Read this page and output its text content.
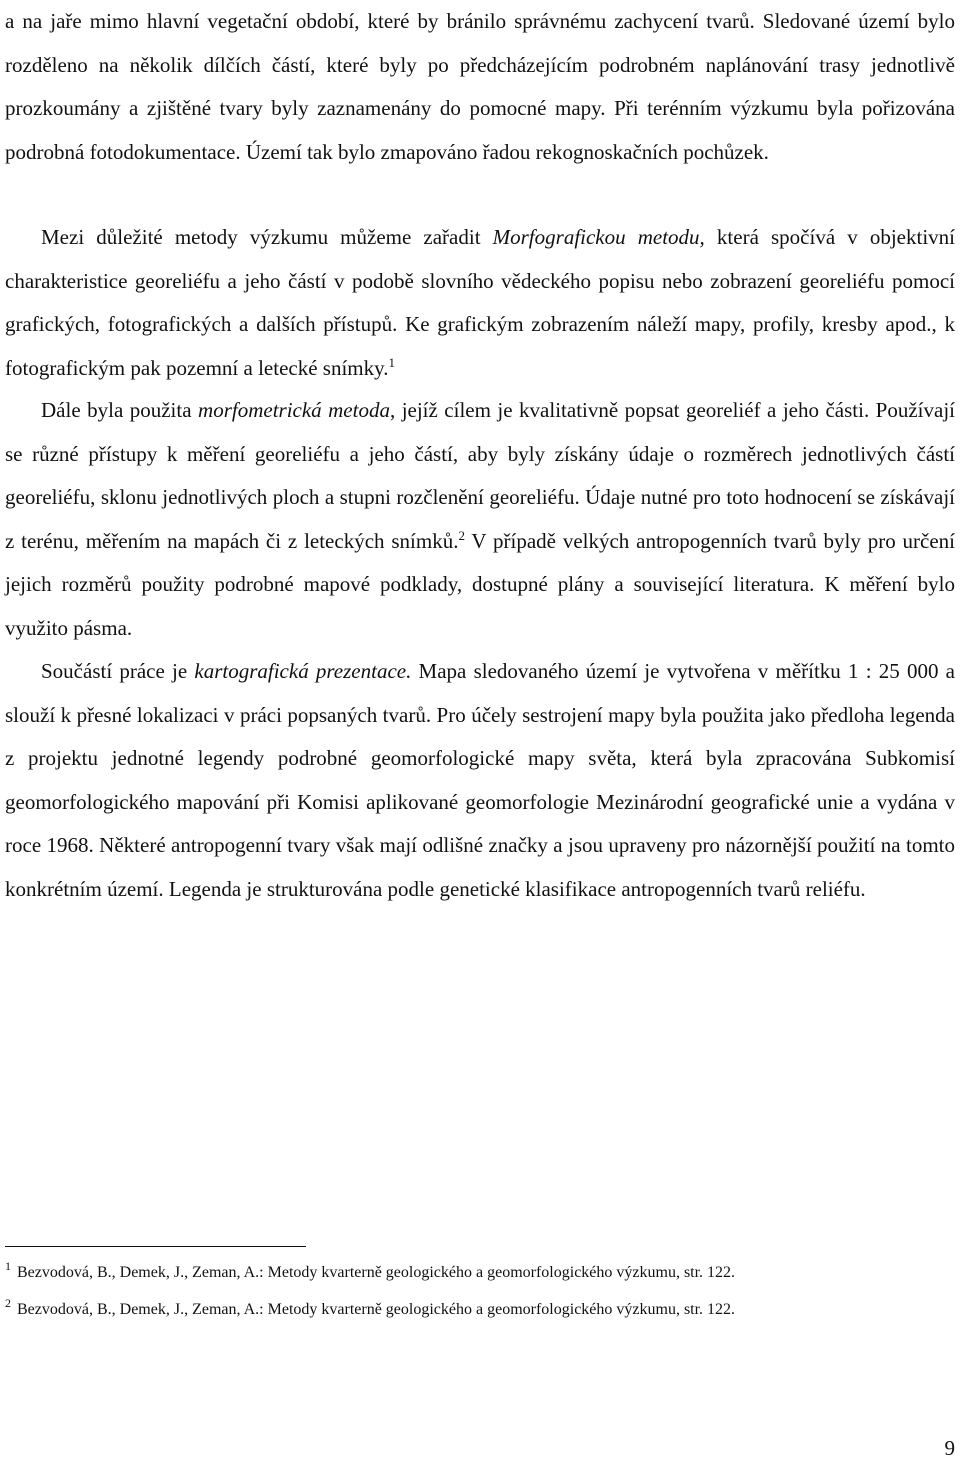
a na jaře mimo hlavní vegetační období, které by bránilo správnému zachycení tvarů. Sledované území bylo rozděleno na několik dílčích částí, které byly po předcházejícím podrobném naplánování trasy jednotlivě prozkoumány a zjištěné tvary byly zaznamenány do pomocné mapy. Při terénním výzkumu byla pořizována podrobná fotodokumentace. Území tak bylo zmapováno řadou rekognoskačních pochůzek.

Mezi důležité metody výzkumu můžeme zařadit Morfografickou metodu, která spočívá v objektivní charakteristice georeliéfu a jeho částí v podobě slovního vědeckého popisu nebo zobrazení georeliéfu pomocí grafických, fotografických a dalších přístupů. Ke grafickým zobrazením náleží mapy, profily, kresby apod., k fotografickým pak pozemní a letecké snímky.$^1$

Dále byla použita morfometrická metoda, jejíž cílem je kvalitativně popsat georeliéf a jeho části. Používají se různé přístupy k měření georeliéfu a jeho částí, aby byly získány údaje o rozměrech jednotlivých částí georeliéfu, sklonu jednotlivých ploch a stupni rozčlenění georeliéfu. Údaje nutné pro toto hodnocení se získávají z terénu, měřením na mapách či z leteckých snímků.$^2$ V případě velkých antropogenních tvarů byly pro určení jejich rozměrů použity podrobné mapové podklady, dostupné plány a související literatura. K měření bylo využito pásma.

Součástí práce je kartografická prezentace. Mapa sledovaného území je vytvořena v měřítku 1 : 25 000 a slouží k přesné lokalizaci v práci popsaných tvarů. Pro účely sestrojení mapy byla použita jako předloha legenda z projektu jednotné legendy podrobné geomorfologické mapy světa, která byla zpracována Subkomisí geomorfologického mapování při Komisi aplikované geomorfologie Mezinárodní geografické unie a vydána v roce 1968. Některé antropogenní tvary však mají odlišné značky a jsou upraveny pro názornější použití na tomto konkrétním území. Legenda je strukturována podle genetické klasifikace antropogenních tvarů reliéfu.

$^1$ Bezvodová, B., Demek, J., Zeman, A.: Metody kvarterně geologického a geomorfologického výzkumu, str. 122.

$^2$ Bezvodová, B., Demek, J., Zeman, A.: Metody kvarterně geologického a geomorfologického výzkumu, str. 122.

9
